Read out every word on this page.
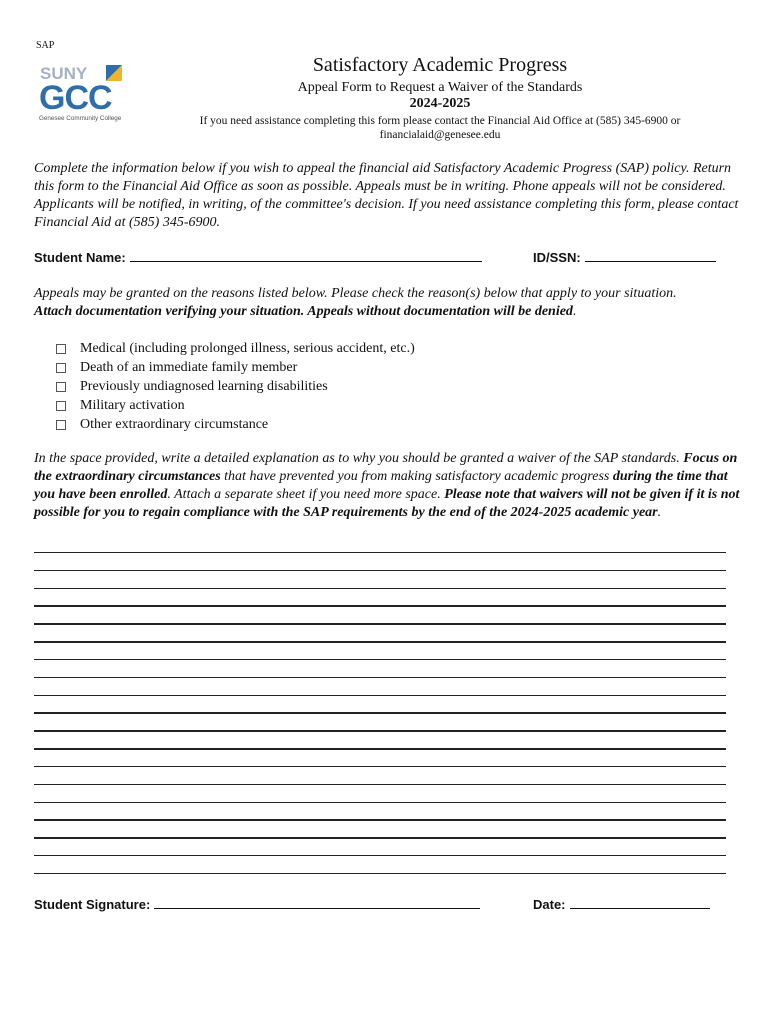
SAP
SUNY
GCC
Genesee Community College
Satisfactory Academic Progress
Appeal Form to Request a Waiver of the Standards
2024-2025
If you need assistance completing this form please contact the Financial Aid Office at (585) 345-6900 or
financialaid@genesee.edu
Complete the information below if you wish to appeal the financial aid Satisfactory Academic Progress (SAP) policy. Return this form to the Financial Aid Office as soon as possible. Appeals must be in writing. Phone appeals will not be considered. Applicants will be notified, in writing, of the committee's decision. If you need assistance completing this form, please contact Financial Aid at (585) 345-6900.
Student Name:	ID/SSN:
Appeals may be granted on the reasons listed below. Please check the reason(s) below that apply to your situation.
Attach documentation verifying your situation. Appeals without documentation will be denied.
Medical (including prolonged illness, serious accident, etc.)
Death of an immediate family member
Previously undiagnosed learning disabilities
Military activation
Other extraordinary circumstance
In the space provided, write a detailed explanation as to why you should be granted a waiver of the SAP standards. Focus on the extraordinary circumstances that have prevented you from making satisfactory academic progress during the time that you have been enrolled. Attach a separate sheet if you need more space. Please note that waivers will not be given if it is not possible for you to regain compliance with the SAP requirements by the end of the 2024-2025 academic year.
Student Signature:	Date:
